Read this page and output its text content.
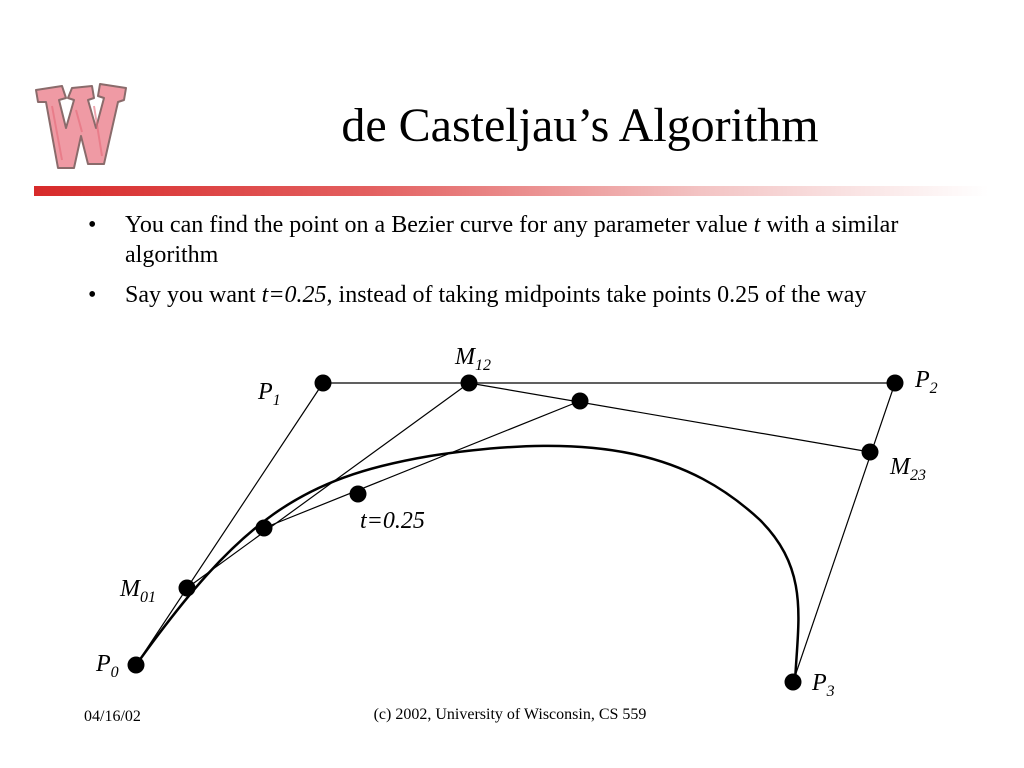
de Casteljau’s Algorithm
• You can find the point on a Bezier curve for any parameter value t with a similar algorithm
• Say you want t=0.25, instead of taking midpoints take points 0.25 of the way
$P_1$
$M_{12}$
$P_2$
$M_{23}$
t=0.25
$M_{01}$
$P_0$	$P_3$
04/16/02	(c) 2002, University of Wisconsin, CS 559
